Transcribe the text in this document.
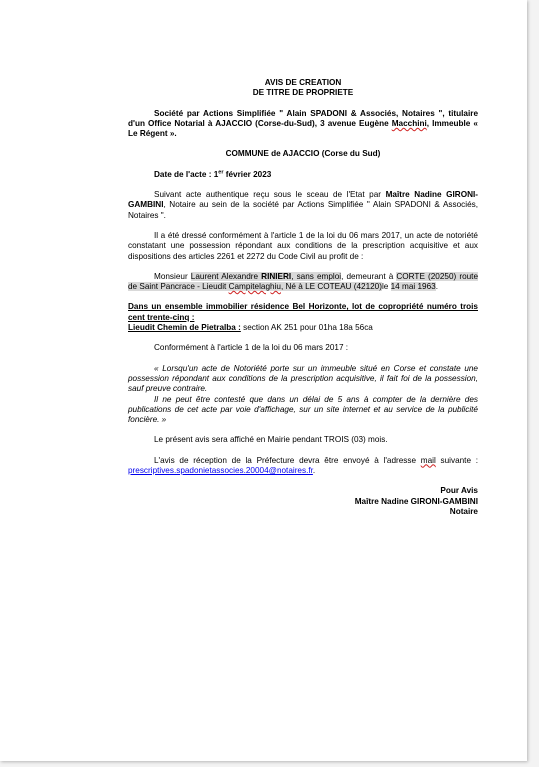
AVIS DE CREATION

DE TITRE DE PROPRIETE

Société par Actions Simplifiée " Alain SPADONI & Associés, Notaires ", titulaire d'un Office Notarial à AJACCIO (Corse-du-Sud), 3 avenue Eugène Macchini, Immeuble « Le Régent ».

COMMUNE de AJACCIO (Corse du Sud)

Date de l'acte : 1er février 2023

Suivant acte authentique reçu sous le sceau de l'Etat par Maître Nadine GIRONI-GAMBINI, Notaire au sein de la société par Actions Simplifiée " Alain SPADONI & Associés, Notaires ".

Il a été dressé conformément à l'article 1 de la loi du 06 mars 2017, un acte de notoriété constatant une possession répondant aux conditions de la prescription acquisitive et aux dispositions des articles 2261 et 2272 du Code Civil au profit de :

Monsieur Laurent Alexandre RINIERI, sans emploi, demeurant à CORTE (20250) route de Saint Pancrace - Lieudit Campitelaghiu, Né à LE COTEAU (42120)le 14 mai 1963.

Dans un ensemble immobilier résidence Bel Horizonte, lot de copropriété numéro trois cent trente-cinq :

Lieudit Chemin de Pietralba : section AK 251 pour 01ha 18a 56ca

Conformément à l'article 1 de la loi du 06 mars 2017 :

« Lorsqu'un acte de Notoriété porte sur un immeuble situé en Corse et constate une possession répondant aux conditions de la prescription acquisitive, il fait foi de la possession, sauf preuve contraire.

Il ne peut être contesté que dans un délai de 5 ans à compter de la dernière des publications de cet acte par voie d'affichage, sur un site internet et au service de la publicité foncière. »

Le présent avis sera affiché en Mairie pendant TROIS (03) mois.

L'avis de réception de la Préfecture devra être envoyé à l'adresse mail suivante : prescriptives.spadonietassocies.20004@notaires.fr.

Pour Avis

Maître Nadine GIRONI-GAMBINI

Notaire
